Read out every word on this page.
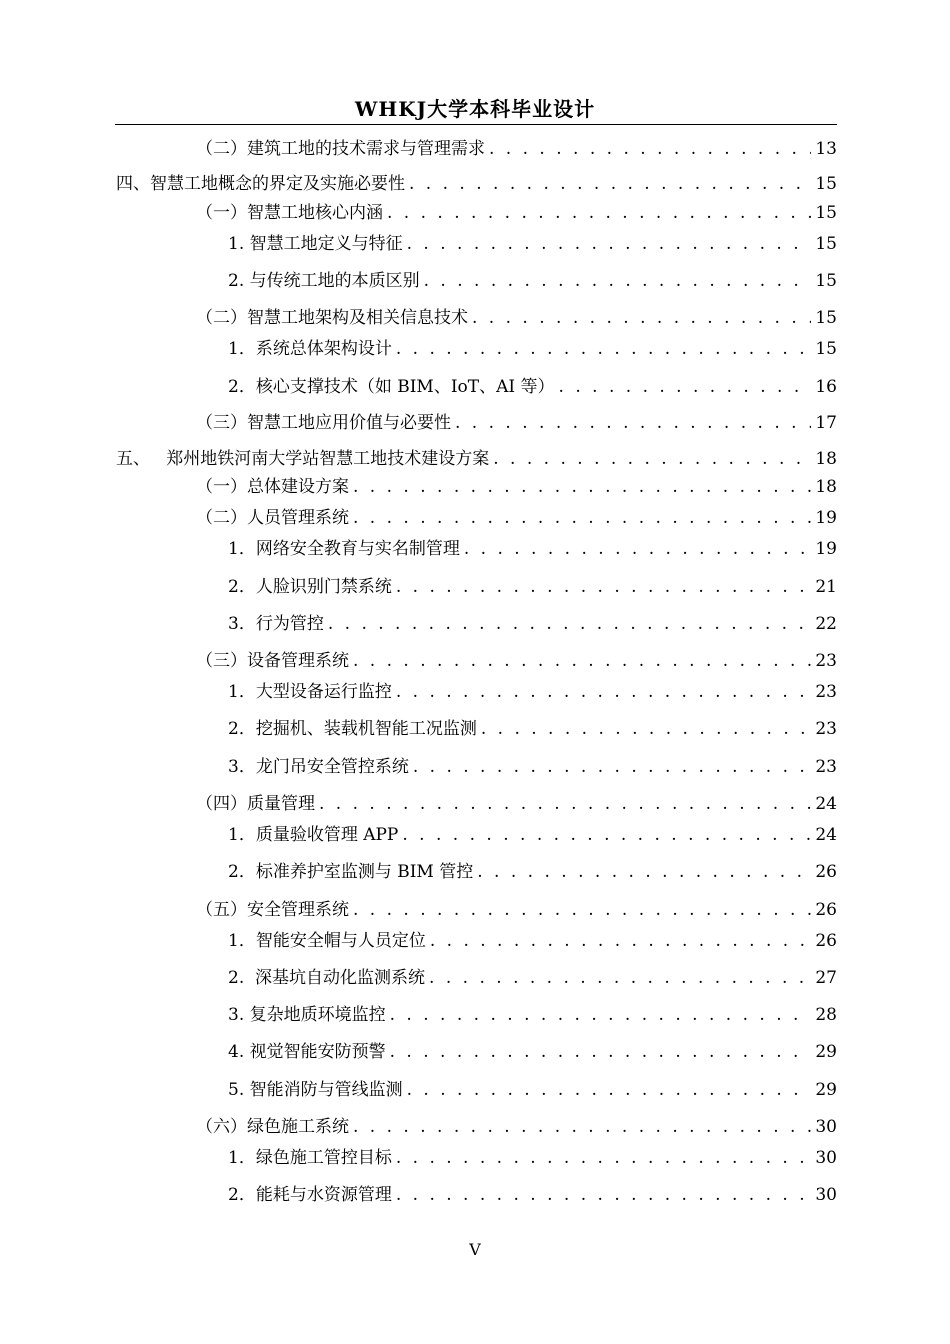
WHKJ大学本科毕业设计
（二）建筑工地的技术需求与管理需求 . . .	13
四、智慧工地概念的界定及实施必要性 . . .	15
（一）智慧工地核心内涵 . . .	15
1. 智慧工地定义与特征 . . .	15
2. 与传统工地的本质区别 . . .	15
（二）智慧工地架构及相关信息技术 . . .	15
1．系统总体架构设计 . . .	15
2．核心支撑技术（如 BIM、IoT、AI 等） . . .	16
（三）智慧工地应用价值与必要性 . . .	17
五、   郑州地铁河南大学站智慧工地技术建设方案 . . .	18
（一）总体建设方案 . . .	18
（二）人员管理系统 . . .	19
1．网络安全教育与实名制管理 . . .	19
2．人脸识别门禁系统 . . .	21
3．行为管控 . . .	22
（三）设备管理系统 . . .	23
1．大型设备运行监控 . . .	23
2．挖掘机、装载机智能工况监测 . . .	23
3．龙门吊安全管控系统 . . .	23
（四）质量管理 . . .	24
1．质量验收管理 APP . . .	24
2．标准养护室监测与 BIM 管控 . . .	26
（五）安全管理系统 . . .	26
1．智能安全帽与人员定位 . . .	26
2.  深基坑自动化监测系统 . . .	27
3. 复杂地质环境监控 . . .	28
4. 视觉智能安防预警 . . .	29
5. 智能消防与管线监测 . . .	29
（六）绿色施工系统 . . .	30
1．绿色施工管控目标 . . .	30
2．能耗与水资源管理 . . .	30
V
